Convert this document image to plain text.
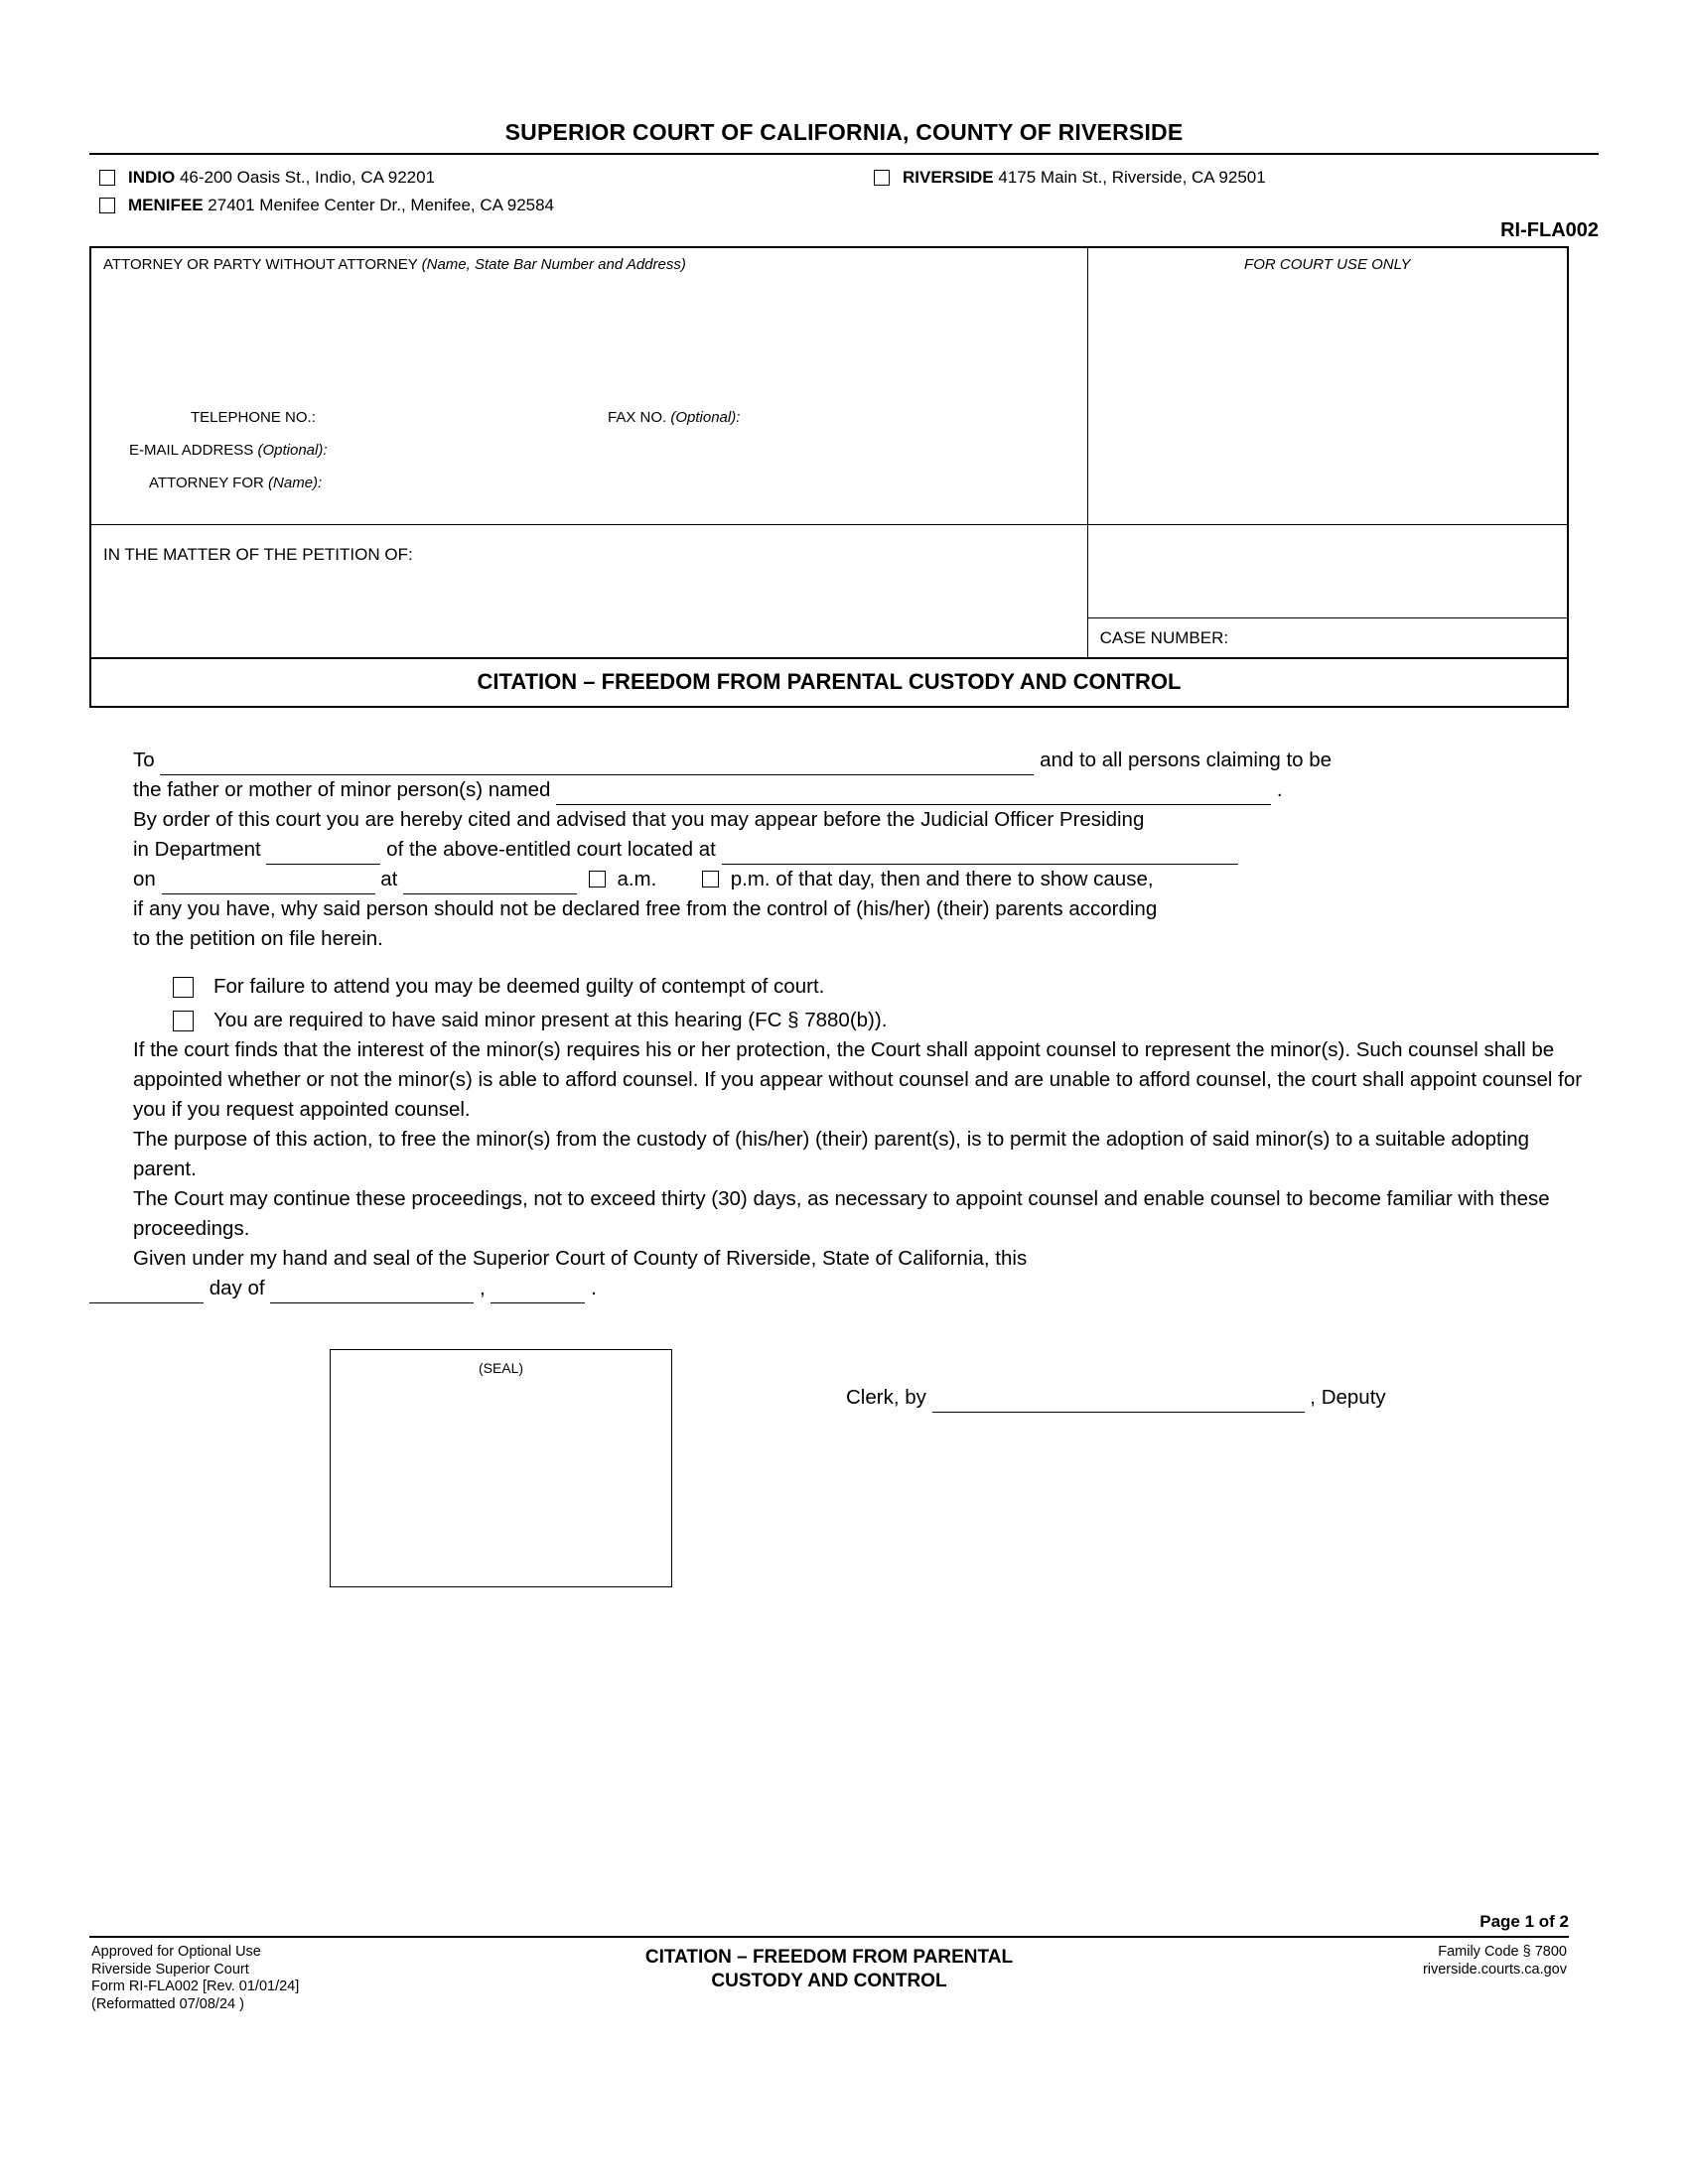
SUPERIOR COURT OF CALIFORNIA, COUNTY OF RIVERSIDE
INDIO 46-200 Oasis St., Indio, CA 92201
MENIFEE 27401 Menifee Center Dr., Menifee, CA 92584
RIVERSIDE 4175 Main St., Riverside, CA 92501
RI-FLA002
ATTORNEY OR PARTY WITHOUT ATTORNEY (Name, State Bar Number and Address)
TELEPHONE NO.:	FAX NO. (Optional):
E-MAIL ADDRESS (Optional):
ATTORNEY FOR (Name):
FOR COURT USE ONLY
IN THE MATTER OF THE PETITION OF:
CASE NUMBER:
CITATION – FREEDOM FROM PARENTAL CUSTODY AND CONTROL

To	and to all persons claiming to be

the father or mother of minor person(s) named	.

By order of this court you are hereby cited and advised that you may appear before the Judicial Officer Presiding

in Department	of the above-entitled court located at

on	at	a.m.	p.m. of that day, then and there to show cause,

if any you have, why said person should not be declared free from the control of (his/her) (their) parents according

to the petition on file herein.

For failure to attend you may be deemed guilty of contempt of court.
You are required to have said minor present at this hearing (FC § 7880(b)).

If the court finds that the interest of the minor(s) requires his or her protection, the Court shall appoint counsel to represent the minor(s). Such counsel shall be appointed whether or not the minor(s) is able to afford counsel. If you appear without counsel and are unable to afford counsel, the court shall appoint counsel for you if you request appointed counsel.

The purpose of this action, to free the minor(s) from the custody of (his/her) (their) parent(s), is to permit the adoption of said minor(s) to a suitable adopting parent.

The Court may continue these proceedings, not to exceed thirty (30) days, as necessary to appoint counsel and enable counsel to become familiar with these proceedings.

Given under my hand and seal of the Superior Court of County of Riverside, State of California, this

day of	,	.

(SEAL)
Clerk, by	, Deputy
Page 1 of 2
Approved for Optional Use
Riverside Superior Court
Form RI-FLA002 [Rev. 01/01/24]
(Reformatted 07/08/24 )
CITATION – FREEDOM FROM PARENTAL
CUSTODY AND CONTROL
Family Code § 7800
riverside.courts.ca.gov
